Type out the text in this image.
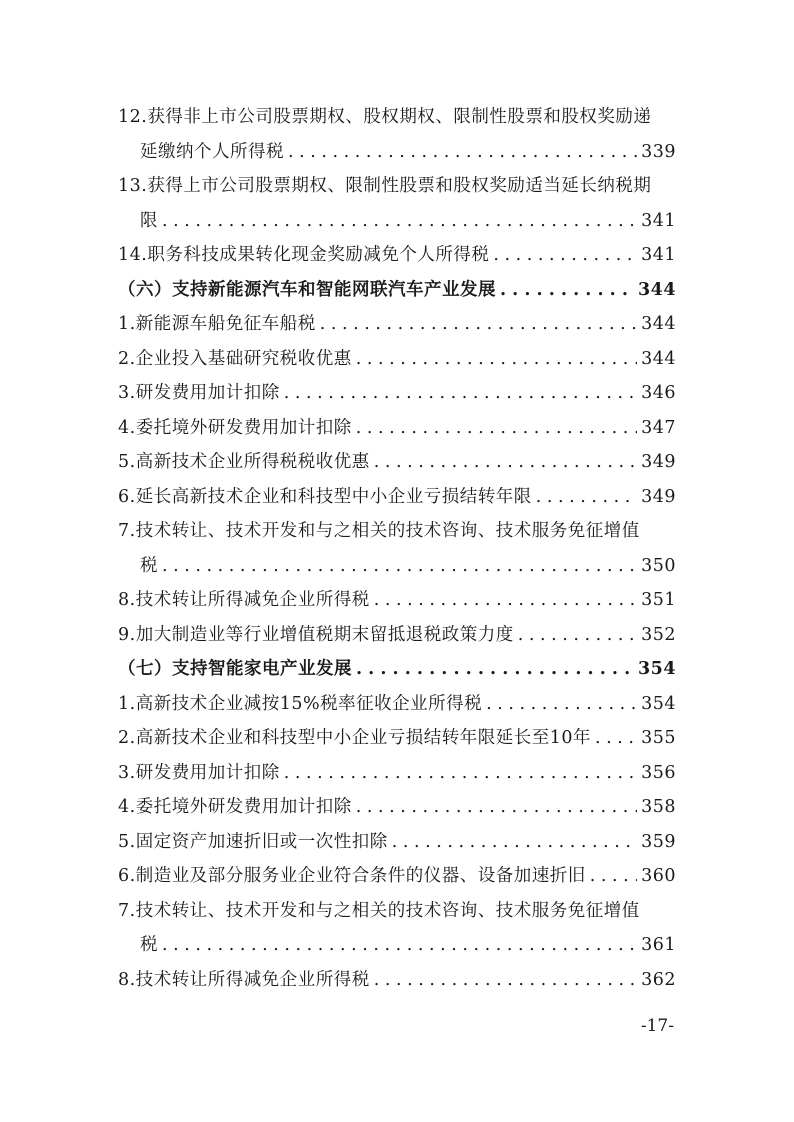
12.获得非上市公司股票期权、股权期权、限制性股票和股权奖励递
延缴纳个人所得税 . . .	339
13.获得上市公司股票期权、限制性股票和股权奖励适当延长纳税期
限 . . .	341
14.职务科技成果转化现金奖励减免个人所得税 . . .	341
（六）支持新能源汽车和智能网联汽车产业发展 . . .	344
1.新能源车船免征车船税 . . .	344
2.企业投入基础研究税收优惠 . . .	344
3.研发费用加计扣除 . . .	346
4.委托境外研发费用加计扣除 . . .	347
5.高新技术企业所得税税收优惠 . . .	349
6.延长高新技术企业和科技型中小企业亏损结转年限 . . .	349
7.技术转让、技术开发和与之相关的技术咨询、技术服务免征增值
税 . . .	350
8.技术转让所得减免企业所得税 . . .	351
9.加大制造业等行业增值税期末留抵退税政策力度 . . .	352
（七）支持智能家电产业发展 . . .	354
1.高新技术企业减按15%税率征收企业所得税 . . .	354
2.高新技术企业和科技型中小企业亏损结转年限延长至10年 . . .	355
3.研发费用加计扣除 . . .	356
4.委托境外研发费用加计扣除 . . .	358
5.固定资产加速折旧或一次性扣除 . . .	359
6.制造业及部分服务业企业符合条件的仪器、设备加速折旧 . . .	360
7.技术转让、技术开发和与之相关的技术咨询、技术服务免征增值
税 . . .	361
8.技术转让所得减免企业所得税 . . .	362
-17-
